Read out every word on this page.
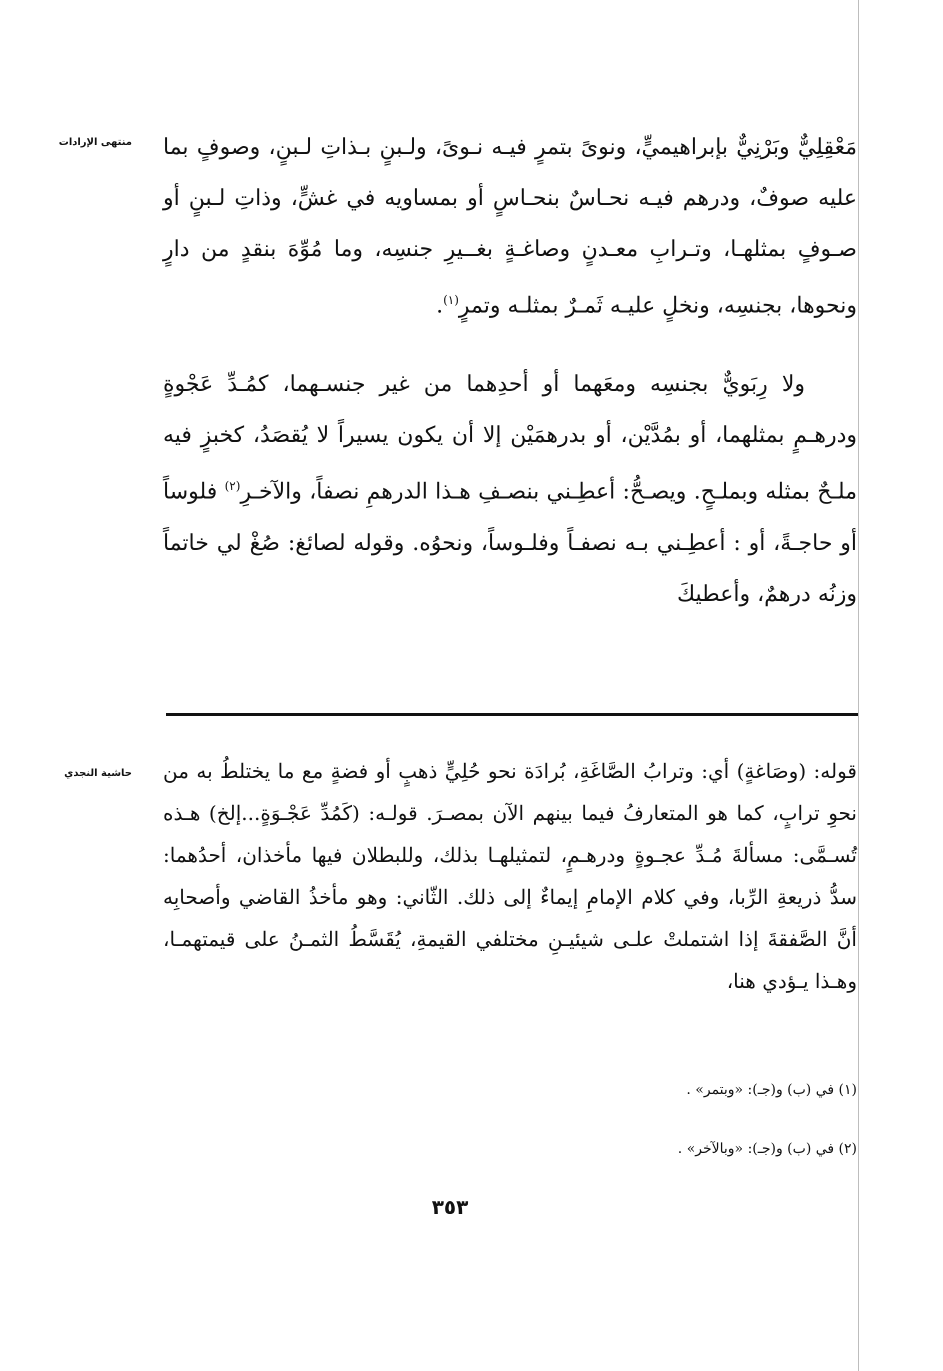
منتهى الإرادات مَعْقِلِيٌّ وبَرْنِيٌّ بإبراهيميٍّ، ونوىً بتمرٍ فيـه نـوىً، ولـبنٍ بـذاتِ لـبنٍ، وصوفٍ بما عليه صوفٌ، ودرهم فيـه نحـاسٌ بنحـاسٍ أو بمساويه في غشٍّ، وذاتِ لـبنٍ أو صـوفٍ بمثلهـا، وتـرابِ معـدنٍ وصاغـةٍ بغــيرِ جنسِه، وما مُوِّهَ بنقدٍ من دارٍ ونحوها، بجنسِه، ونخلٍ عليـه ثَمـرٌ بمثلـه وتمرٍ$^{(١)}$.

ولا رِبَويٌّ بجنسِه ومعَهما أو أحدِهما من غير جنسـهما، كمُـدِّ عَجْوةٍ ودرهـمٍ بمثلهما، أو بمُدَّيْن، أو بدرهمَيْن إلا أن يكون يسيراً لا يُقصَدُ، كخبزٍ فيه ملـحٌ بمثله وبملـحٍ. ويصـحُّ: أعطِـني بنصـفِ هـذا الدرهمِ نصفاً، والآخـرِ$^{(٢)}$ فلوساً أو حاجـةً، أو : أعطِـني بـه نصفـاً وفلـوساً، ونحوُه. وقوله لصائغ: صُغْ لي خاتماً وزنُه درهمٌ، وأعطيكَ

حاشية النجدي قوله: (وصَاغةٍ) أي: وترابُ الصَّاغَةِ، بُرادَة نحو حُلِيٍّ ذهبٍ أو فضةٍ مع ما يختلطُ به من نحوِ ترابٍ، كما هو المتعارفُ فيما بينهم الآن بمصـرَ. قولـه: (كَمُدِّ عَجْـوَةٍ...إلخ) هـذه تُسـمَّى: مسألةَ مُـدِّ عجـوةٍ ودرهـمٍ، لتمثيلهـا بذلك، وللبطلان فيها مأخذان، أحدُهما: سدُّ ذريعةِ الرِّبا، وفي كلام الإمامِ إيماءٌ إلى ذلك. الثّاني: وهو مأخذُ القاضي وأصحابِه أنَّ الصَّفقةَ إذا اشتملتْ علـى شيئيـنِ مختلفي القيمةِ، يُقَسَّطُ الثمـنُ على قيمتهمـا، وهـذا يـؤدي هنا،

(١) في (ب) و(جـ): «وبتمر» .
(٢) في (ب) و(جـ): «وبالآخر» .
٣٥٣
